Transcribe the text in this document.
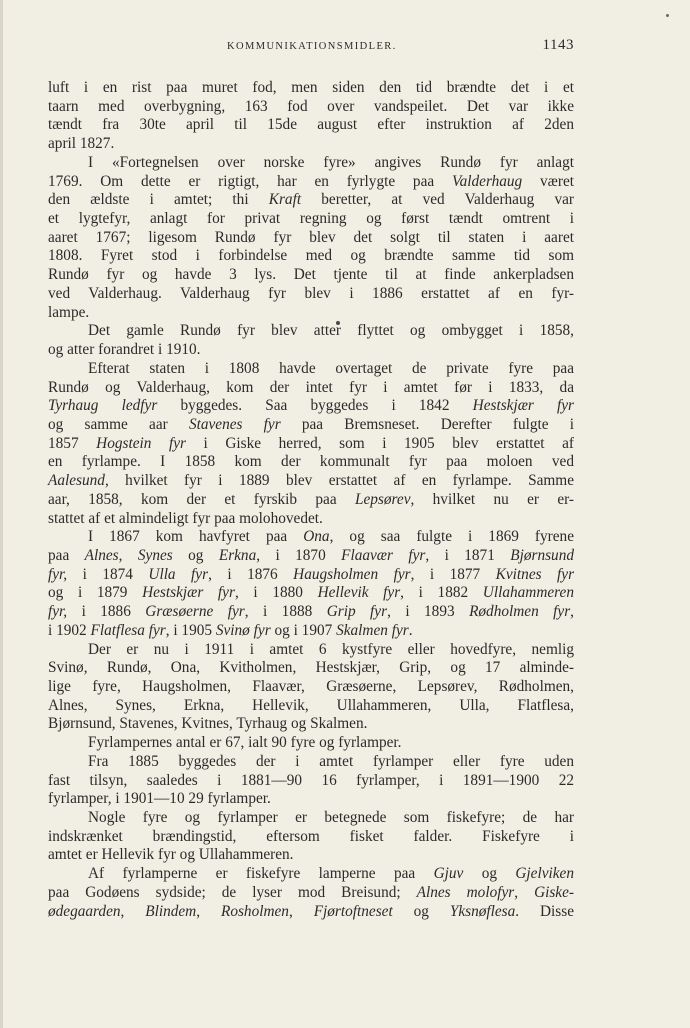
KOMMUNIKATIONSMIDLER.	1143
luft i en rist paa muret fod, men siden den tid brændte det i et
taarn med overbygning, 163 fod over vandspeilet. Det var ikke
tændt fra 30te april til 15de august efter instruktion af 2den
april 1827.
I «Fortegnelsen over norske fyre» angives Rundø fyr anlagt
1769. Om dette er rigtigt, har en fyrlygte paa Valderhaug været
den ældste i amtet; thi Kraft beretter, at ved Valderhaug var
et lygtefyr, anlagt for privat regning og først tændt omtrent i
aaret 1767; ligesom Rundø fyr blev det solgt til staten i aaret
1808. Fyret stod i forbindelse med og brændte samme tid som
Rundø fyr og havde 3 lys. Det tjente til at finde ankerpladsen
ved Valderhaug. Valderhaug fyr blev i 1886 erstattet af en fyr-
lampe.
Det gamle Rundø fyr blev atter flyttet og ombygget i 1858,
og atter forandret i 1910.
Efterat staten i 1808 havde overtaget de private fyre paa
Rundø og Valderhaug, kom der intet fyr i amtet før i 1833, da
Tyrhaug ledfyr byggedes. Saa byggedes i 1842 Hestskjær fyr
og samme aar Stavenes fyr paa Bremsneset. Derefter fulgte i
1857 Hogstein fyr i Giske herred, som i 1905 blev erstattet af
en fyrlampe. I 1858 kom der kommunalt fyr paa moloen ved
Aalesund, hvilket fyr i 1889 blev erstattet af en fyrlampe. Samme
aar, 1858, kom der et fyrskib paa Lepsørev, hvilket nu er er-
stattet af et almindeligt fyr paa molohovedet.
I 1867 kom havfyret paa Ona, og saa fulgte i 1869 fyrene
paa Alnes, Synes og Erkna, i 1870 Flaavær fyr, i 1871 Bjørnsund
fyr, i 1874 Ulla fyr, i 1876 Haugsholmen fyr, i 1877 Kvitnes fyr
og i 1879 Hestskjær fyr, i 1880 Hellevik fyr, i 1882 Ullahammeren
fyr, i 1886 Græsøerne fyr, i 1888 Grip fyr, i 1893 Rødholmen fyr,
i 1902 Flatflesa fyr, i 1905 Svinø fyr og i 1907 Skalmen fyr.
Der er nu i 1911 i amtet 6 kystfyre eller hovedfyre, nemlig
Svinø, Rundø, Ona, Kvitholmen, Hestskjær, Grip, og 17 alminde-
lige fyre, Haugsholmen, Flaavær, Græsøerne, Lepsørev, Rødholmen,
Alnes, Synes, Erkna, Hellevik, Ullahammeren, Ulla, Flatflesa,
Bjørnsund, Stavenes, Kvitnes, Tyrhaug og Skalmen.
Fyrlampernes antal er 67, ialt 90 fyre og fyrlamper.
Fra 1885 byggedes der i amtet fyrlamper eller fyre uden
fast tilsyn, saaledes i 1881—90 16 fyrlamper, i 1891—1900 22
fyrlamper, i 1901—10 29 fyrlamper.
Nogle fyre og fyrlamper er betegnede som fiskefyre; de har
indskrænket brændingstid, eftersom fisket falder. Fiskefyre i
amtet er Hellevik fyr og Ullahammeren.
Af fyrlamperne er fiskefyre lamperne paa Gjuv og Gjelviken
paa Godøens sydside; de lyser mod Breisund; Alnes molofyr, Giske-
ødegaarden, Blindem, Rosholmen, Fjørtoftneset og Yksnøflesa. Disse
